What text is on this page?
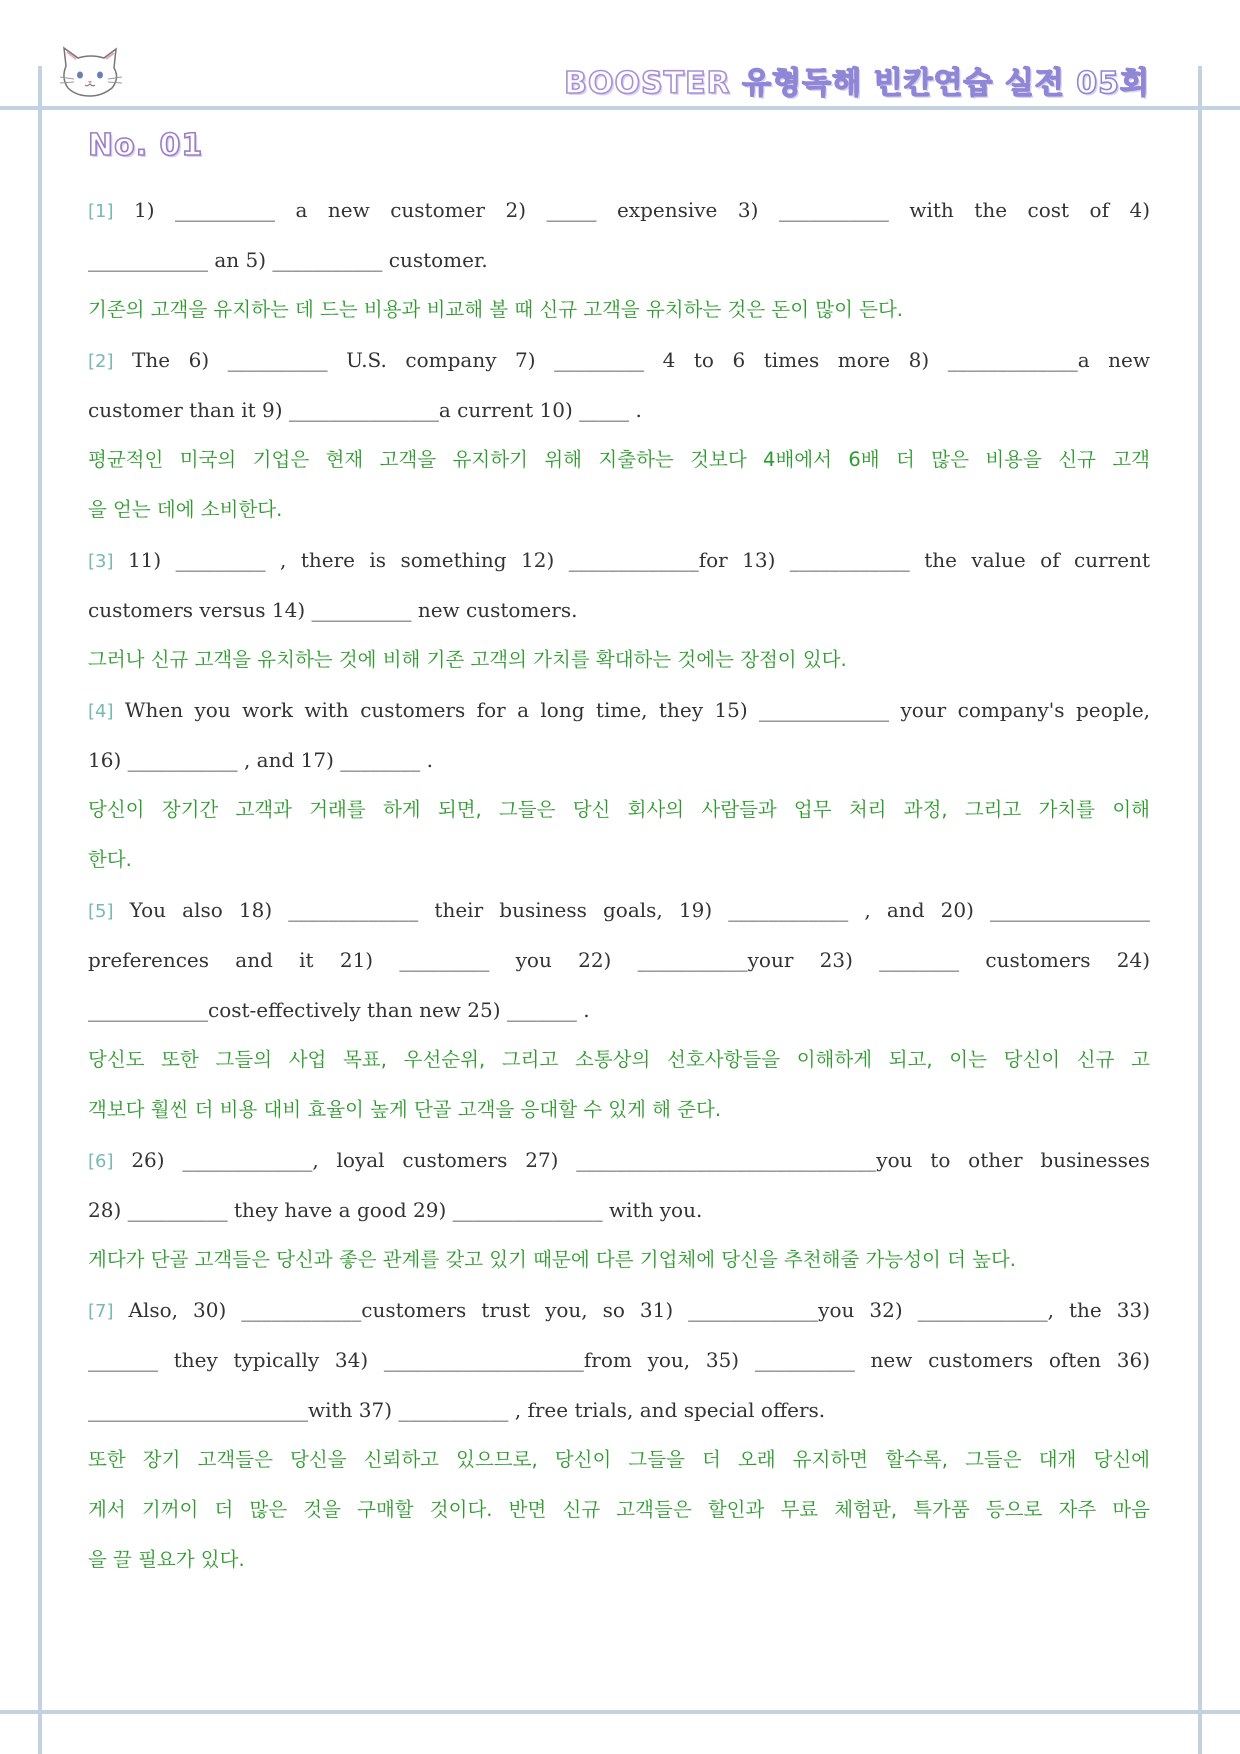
BOOSTER 유형독해 빈칸연습 실전 05회
No. 01
[1] 1) __________ a new customer 2) _____ expensive 3) ___________ with the cost of 4)
____________ an 5) ___________ customer.
기존의 고객을 유지하는 데 드는 비용과 비교해 볼 때 신규 고객을 유치하는 것은 돈이 많이 든다.
[2] The 6) __________ U.S. company 7) _________ 4 to 6 times more 8) _____________a new
customer than it 9) _______________a current 10) _____ .
평균적인 미국의 기업은 현재 고객을 유지하기 위해 지출하는 것보다 4배에서 6배 더 많은 비용을 신규 고객
을 얻는 데에 소비한다.
[3] 11) _________ , there is something 12) _____________for 13) ____________ the value of current
customers versus 14) __________ new customers.
그러나 신규 고객을 유치하는 것에 비해 기존 고객의 가치를 확대하는 것에는 장점이 있다.
[4] When you work with customers for a long time, they 15) _____________ your company's people,
16) ___________ , and 17) ________ .
당신이 장기간 고객과 거래를 하게 되면, 그들은 당신 회사의 사람들과 업무 처리 과정, 그리고 가치를 이해
한다.
[5] You also 18) _____________ their business goals, 19) ____________ , and 20) ________________
preferences and it 21) _________ you 22) ___________your 23) ________ customers 24)
____________cost-effectively than new 25) _______ .
당신도 또한 그들의 사업 목표, 우선순위, 그리고 소통상의 선호사항들을 이해하게 되고, 이는 당신이 신규 고
객보다 훨씬 더 비용 대비 효율이 높게 단골 고객을 응대할 수 있게 해 준다.
[6] 26) _____________, loyal customers 27) ______________________________you to other businesses
28) __________ they have a good 29) _______________ with you.
게다가 단골 고객들은 당신과 좋은 관계를 갖고 있기 때문에 다른 기업체에 당신을 추천해줄 가능성이 더 높다.
[7] Also, 30) ____________customers trust you, so 31) _____________you 32) _____________, the 33)
_______ they typically 34) ____________________from you, 35) __________ new customers often 36)
______________________with 37) ___________ , free trials, and special offers.
또한 장기 고객들은 당신을 신뢰하고 있으므로, 당신이 그들을 더 오래 유지하면 할수록, 그들은 대개 당신에
게서 기꺼이 더 많은 것을 구매할 것이다. 반면 신규 고객들은 할인과 무료 체험판, 특가품 등으로 자주 마음
을 끌 필요가 있다.
